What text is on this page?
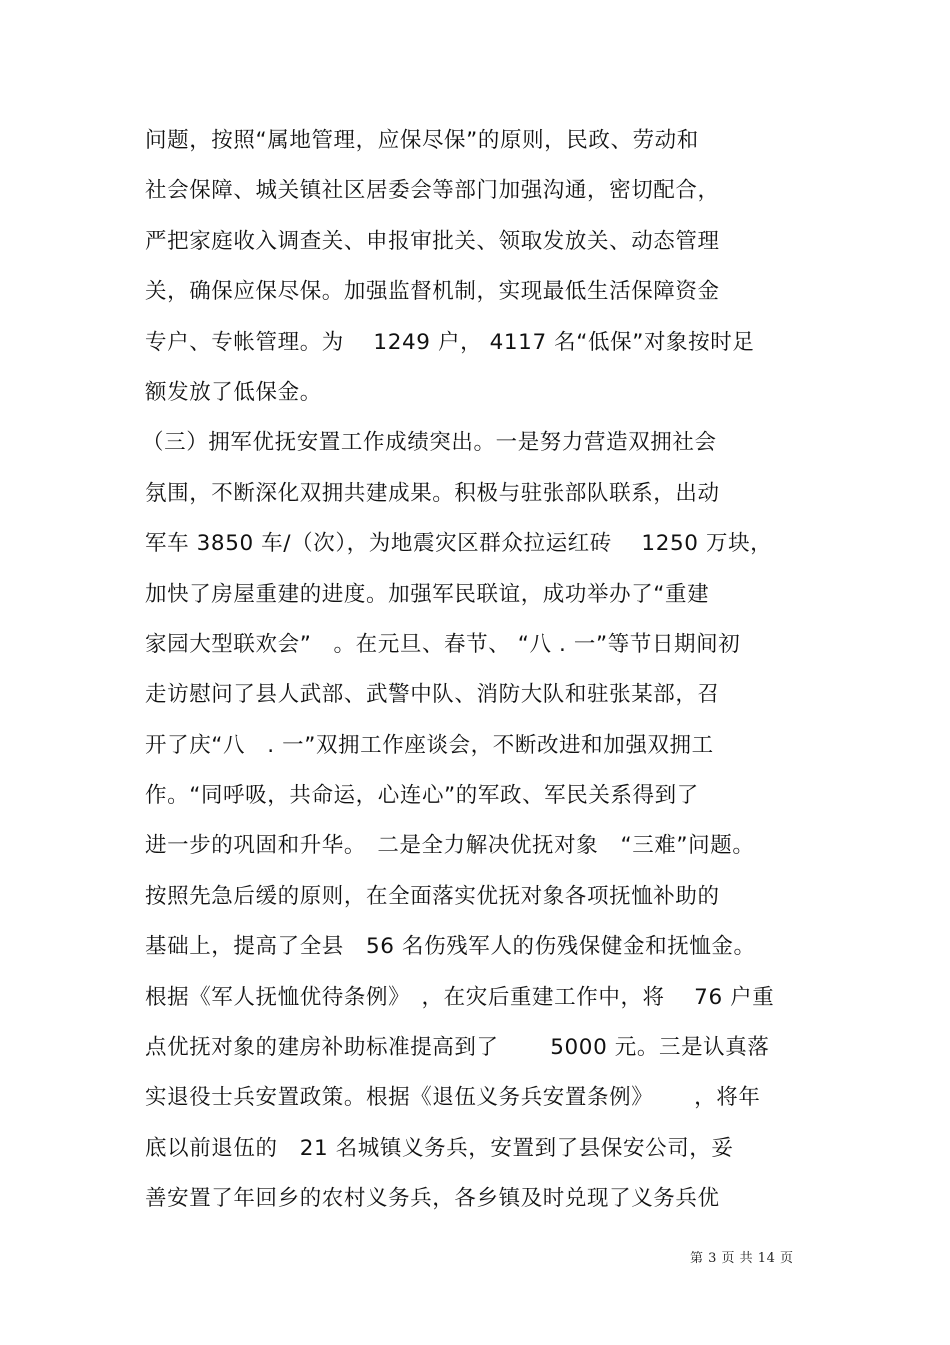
问题，按照“属地管理，应保尽保”的原则，民政、劳动和
社会保障、城关镇社区居委会等部门加强沟通，密切配合，
严把家庭收入调查关、申报审批关、领取发放关、动态管理
关，确保应保尽保。加强监督机制，实现最低生活保障资金
专户、专帐管理。为　 1249 户， 4117 名“低保”对象按时足
额发放了低保金。
（三）拥军优抚安置工作成绩突出。一是努力营造双拥社会
氛围，不断深化双拥共建成果。积极与驻张部队联系，出动
军车 3850 车/（次），为地震灾区群众拉运红砖　 1250 万块，
加快了房屋重建的进度。加强军民联谊，成功举办了“重建
家园大型联欢会”　。在元旦、春节、 “八 . 一”等节日期间初
走访慰问了县人武部、武警中队、消防大队和驻张某部，召
开了庆“八　. 一”双拥工作座谈会，不断改进和加强双拥工
作。“同呼吸，共命运，心连心”的军政、军民关系得到了
进一步的巩固和升华。　二是全力解决优抚对象　“三难”问题。
按照先急后缓的原则，在全面落实优抚对象各项抚恤补助的
基础上，提高了全县　56 名伤残军人的伤残保健金和抚恤金。
根据《军人抚恤优待条例》　，在灾后重建工作中，将　 76 户重
点优抚对象的建房补助标准提高到了　　 5000 元。三是认真落
实退役士兵安置政策。根据《退伍义务兵安置条例》　　 ，将年
底以前退伍的　21 名城镇义务兵，安置到了县保安公司，妥
善安置了年回乡的农村义务兵，各乡镇及时兑现了义务兵优
第 3 页 共 14 页
